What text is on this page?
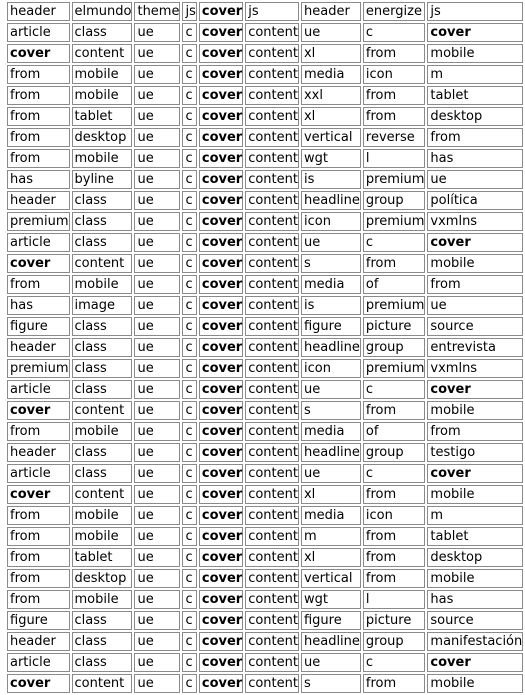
header	elmundo	theme	js	cover	js	header	energize	js
article	class	ue	c	cover	content	ue	c	cover
cover	content	ue	c	cover	content	xl	from	mobile
from	mobile	ue	c	cover	content	media	icon	m
from	mobile	ue	c	cover	content	xxl	from	tablet
from	tablet	ue	c	cover	content	xl	from	desktop
from	desktop	ue	c	cover	content	vertical	reverse	from
from	mobile	ue	c	cover	content	wgt	l	has
has	byline	ue	c	cover	content	is	premium	ue
header	class	ue	c	cover	content	headline	group	política
premium	class	ue	c	cover	content	icon	premium	vxmlns
article	class	ue	c	cover	content	ue	c	cover
cover	content	ue	c	cover	content	s	from	mobile
from	mobile	ue	c	cover	content	media	of	from
has	image	ue	c	cover	content	is	premium	ue
figure	class	ue	c	cover	content	figure	picture	source
header	class	ue	c	cover	content	headline	group	entrevista
premium	class	ue	c	cover	content	icon	premium	vxmlns
article	class	ue	c	cover	content	ue	c	cover
cover	content	ue	c	cover	content	s	from	mobile
from	mobile	ue	c	cover	content	media	of	from
header	class	ue	c	cover	content	headline	group	testigo
article	class	ue	c	cover	content	ue	c	cover
cover	content	ue	c	cover	content	xl	from	mobile
from	mobile	ue	c	cover	content	media	icon	m
from	mobile	ue	c	cover	content	m	from	tablet
from	tablet	ue	c	cover	content	xl	from	desktop
from	desktop	ue	c	cover	content	vertical	from	mobile
from	mobile	ue	c	cover	content	wgt	l	has
figure	class	ue	c	cover	content	figure	picture	source
header	class	ue	c	cover	content	headline	group	manifestación
article	class	ue	c	cover	content	ue	c	cover
cover	content	ue	c	cover	content	s	from	mobile
